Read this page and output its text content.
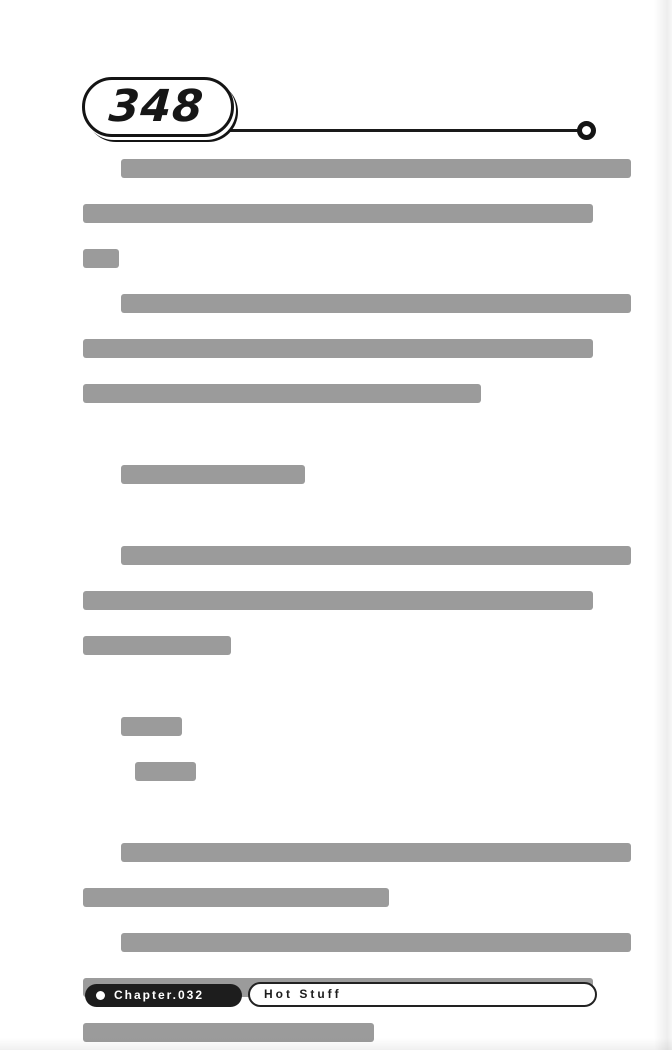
348
Chapter.032	Hot Stuff
